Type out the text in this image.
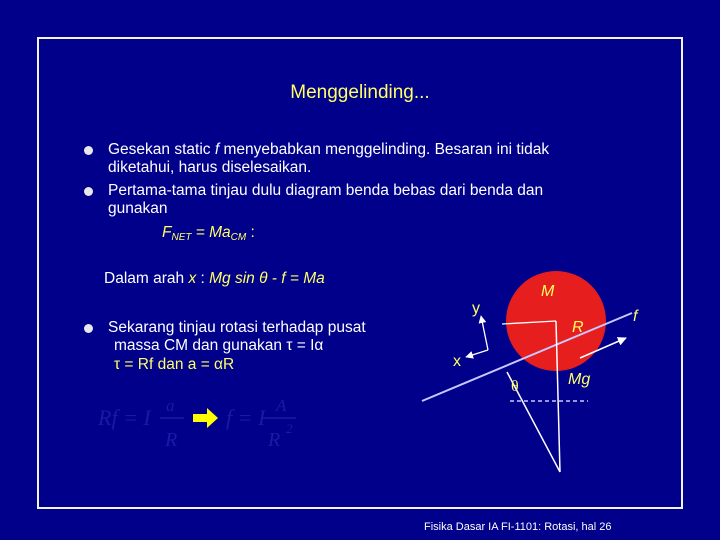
Menggelinding...
Gesekan static f menyebabkan menggelinding. Besaran ini tidak
diketahui, harus diselesaikan.
Pertama-tama tinjau dulu diagram benda bebas dari benda dan
gunakan
$F_{NET} = Ma_{CM}$ :
Dalam arah x : Mg sin θ - f = Ma
Sekarang tinjau rotasi terhadap pusat
massa CM dan gunakan τ = Iα
τ = Rf dan a = αR
Rf = I a
R
f = I A
R
2
M
R
f
Mg
y
x
θ
Fisika Dasar IA FI-1101: Rotasi, hal 26
